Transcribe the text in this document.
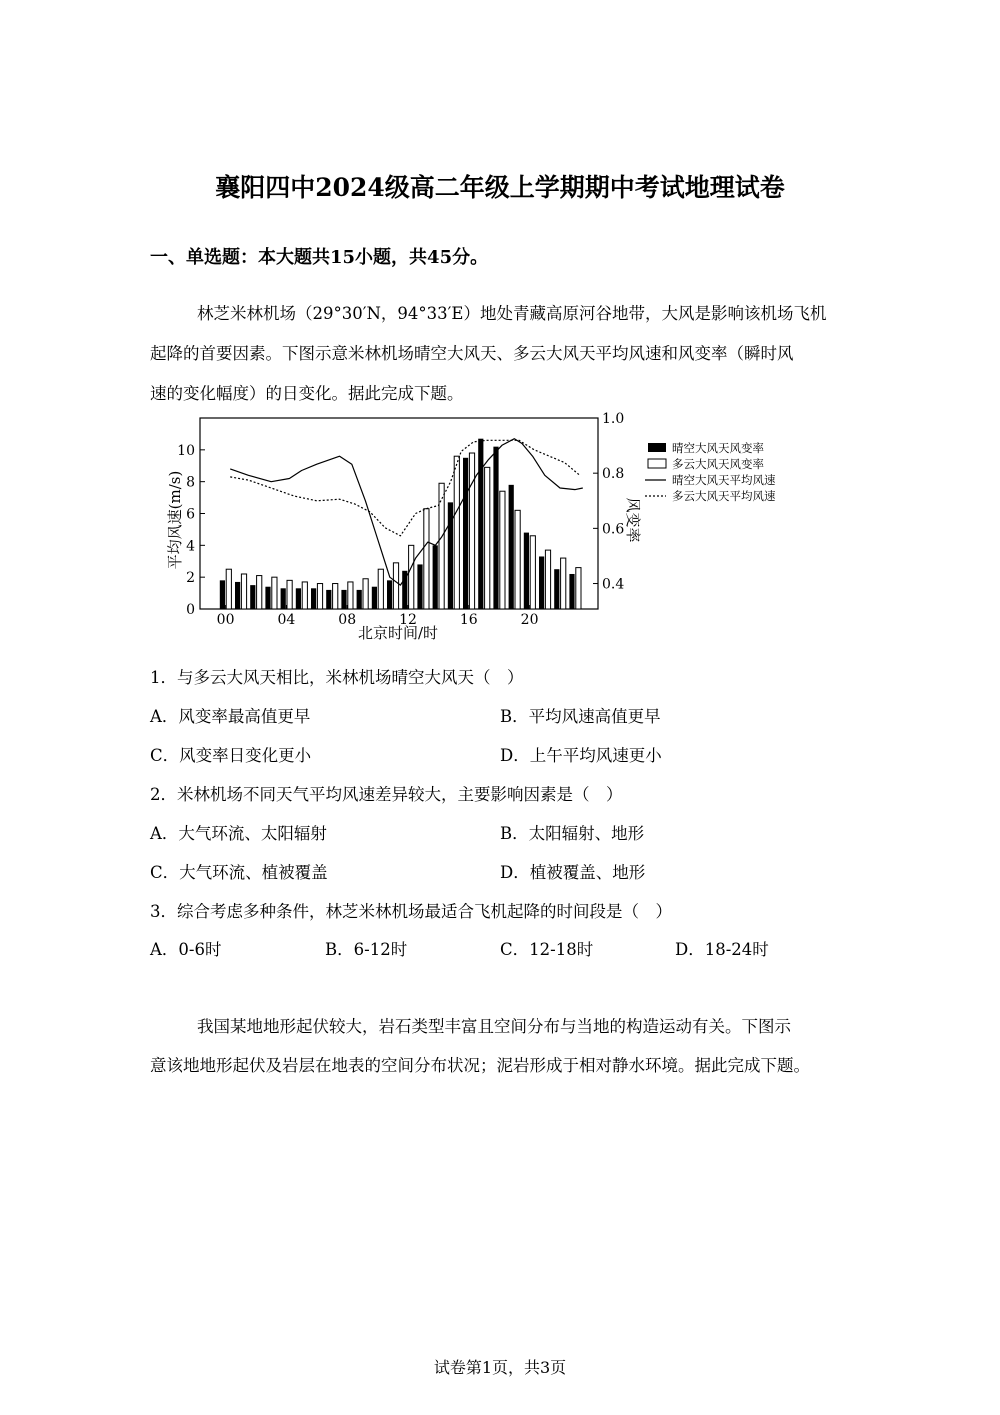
襄阳四中2024级高二年级上学期期中考试地理试卷
一、单选题：本大题共15小题，共45分。
林芝米林机场（29°30′N，94°33′E）地处青藏高原河谷地带，大风是影响该机场飞机
起降的首要因素。下图示意米林机场晴空大风天、多云大风天平均风速和风变率（瞬时风
速的变化幅度）的日变化。据此完成下题。
0
2
4
6
8
10
0.4
0.6
0.8
1.0
00	04	08	12	16	20
平均风速(m/s)	风变率
北京时间/时
晴空大风天风变率
多云大风天风变率
晴空大风天平均风速
多云大风天平均风速
1．与多云大风天相比，米林机场晴空大风天（　）
A．风变率最高值更早	B．平均风速高值更早
C．风变率日变化更小	D．上午平均风速更小
2．米林机场不同天气平均风速差异较大，主要影响因素是（　）
A．大气环流、太阳辐射	B．太阳辐射、地形
C．大气环流、植被覆盖	D．植被覆盖、地形
3．综合考虑多种条件，林芝米林机场最适合飞机起降的时间段是（　）
A．0-6时	B．6-12时	C．12-18时	D．18-24时
我国某地地形起伏较大，岩石类型丰富且空间分布与当地的构造运动有关。下图示
意该地地形起伏及岩层在地表的空间分布状况；泥岩形成于相对静水环境。据此完成下题。
试卷第1页，共3页
